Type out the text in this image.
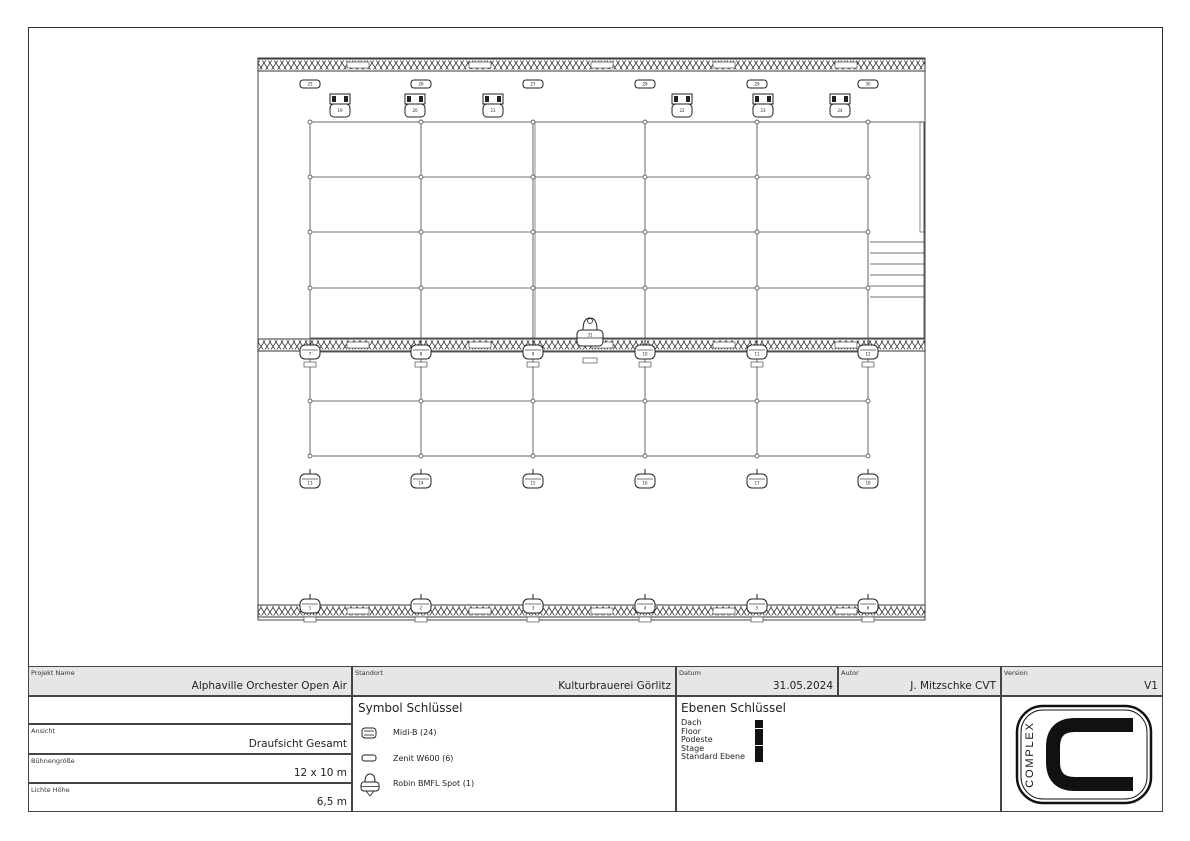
25	26	27	28	29	30
19	20	21	22	23	24
7	8	9	10	11	12
13	14	15	16	17	18
1	2	3	4	5	6
31
Projekt Name
Alphaville Orchester Open Air
Standort
Kulturbrauerei Görlitz
Datum
31.05.2024
Autor
J. Mitzschke CVT
Version
V1
Ansicht
Draufsicht Gesamt
Bühnengröße
12 x 10 m
Lichte Höhe
6,5 m
Symbol Schlüssel
Midi-B (24)
Zenit W600 (6)
Robin BMFL Spot (1)
Ebenen Schlüssel
Dach
Floor
Podeste
Stage
Standard Ebene	COMPLEX
